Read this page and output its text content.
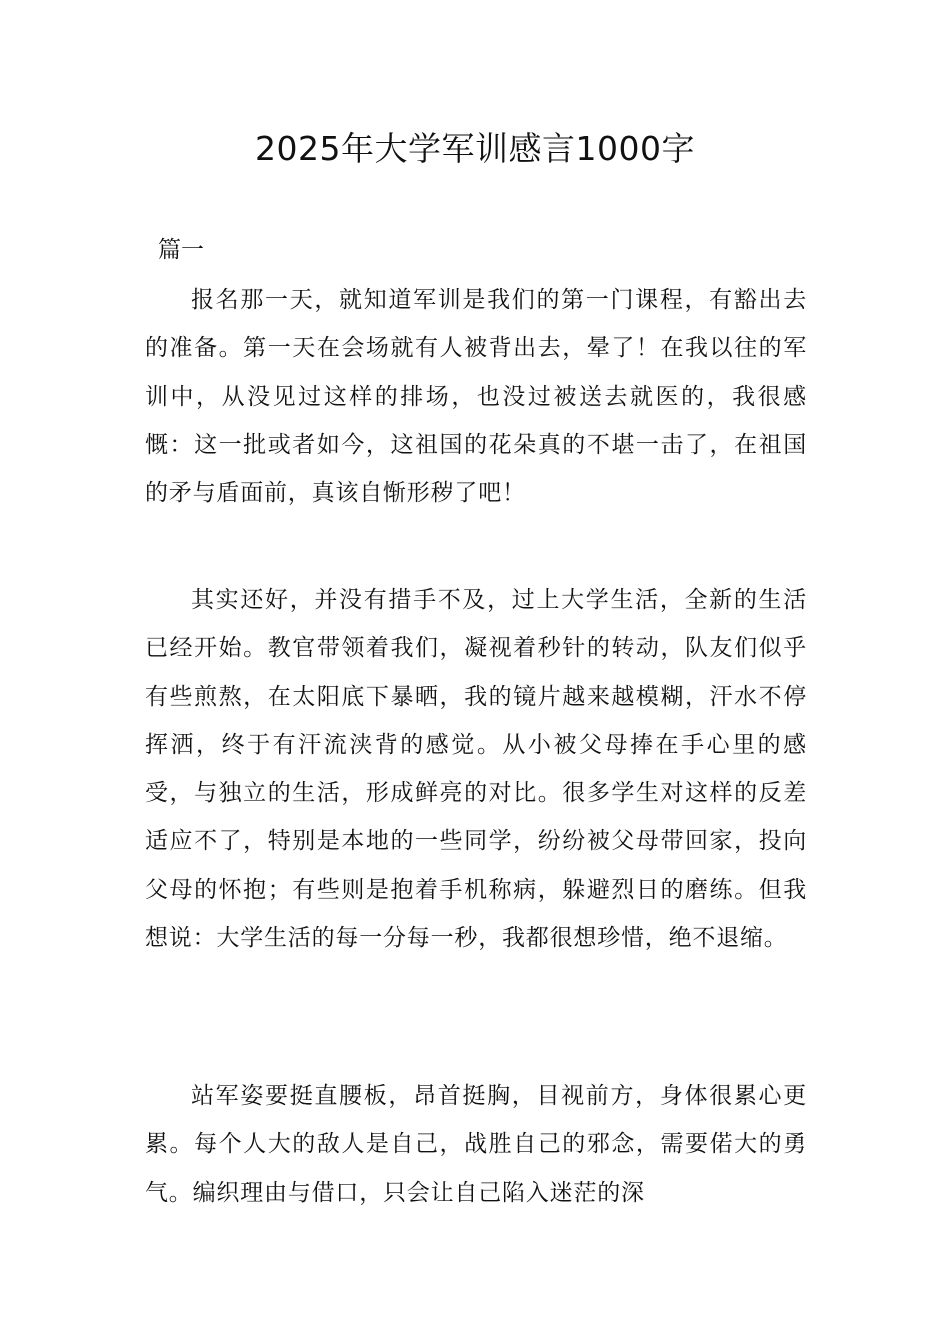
2025年大学军训感言1000字
篇一

报名那一天，就知道军训是我们的第一门课程，有豁出去的准备。第一天在会场就有人被背出去，晕了！在我以往的军训中，从没见过这样的排场，也没过被送去就医的，我很感慨：这一批或者如今，这祖国的花朵真的不堪一击了，在祖国的矛与盾面前，真该自惭形秽了吧！

其实还好，并没有措手不及，过上大学生活，全新的生活已经开始。教官带领着我们，凝视着秒针的转动，队友们似乎有些煎熬，在太阳底下暴晒，我的镜片越来越模糊，汗水不停挥洒，终于有汗流浃背的感觉。从小被父母捧在手心里的感受，与独立的生活，形成鲜亮的对比。很多学生对这样的反差适应不了，特别是本地的一些同学，纷纷被父母带回家，投向父母的怀抱；有些则是抱着手机称病，躲避烈日的磨练。但我想说：大学生活的每一分每一秒，我都很想珍惜，绝不退缩。

站军姿要挺直腰板，昂首挺胸，目视前方，身体很累心更累。每个人大的敌人是自己，战胜自己的邪念，需要偌大的勇气。编织理由与借口，只会让自己陷入迷茫的深
